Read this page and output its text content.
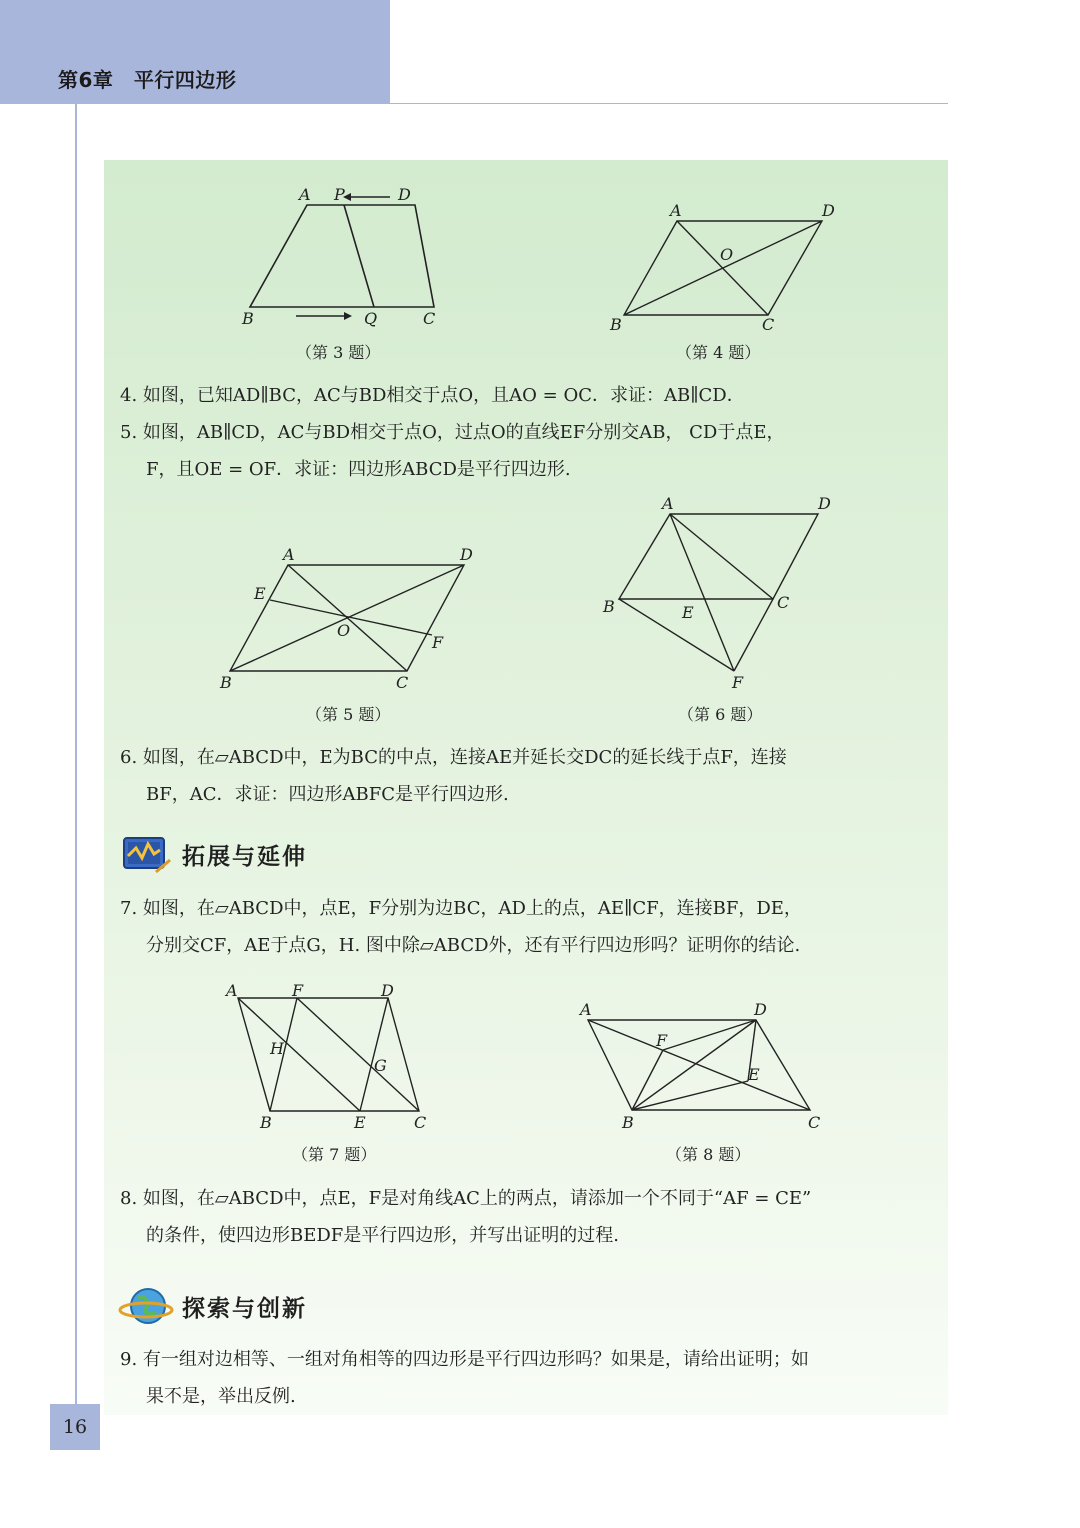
第6章　平行四边形
A P	D
B	Q	C
（第 3 题）
A	D
O
B	C
（第 4 题）
4. 如图，已知AD∥BC，AC与BD相交于点O，且AO = OC．求证：AB∥CD．
5. 如图，AB∥CD，AC与BD相交于点O，过点O的直线EF分别交AB， CD于点E，
F，且OE = OF．求证：四边形ABCD是平行四边形.
A	D
E
O
F
B	C
（第 5 题）
A	D
B	E
C
F
（第 6 题）
6. 如图，在▱ABCD中，E为BC的中点，连接AE并延长交DC的延长线于点F，连接
BF，AC．求证：四边形ABFC是平行四边形.
拓展与延伸
7. 如图，在▱ABCD中，点E，F分别为边BC，AD上的点，AE∥CF，连接BF，DE，
分别交CF，AE于点G，H. 图中除▱ABCD外，还有平行四边形吗？证明你的结论.
A	F	D
H
G
B	E	C
（第 7 题）
A	D
F
E
B	C
（第 8 题）
8. 如图，在▱ABCD中，点E，F是对角线AC上的两点，请添加一个不同于“AF = CE”
的条件，使四边形BEDF是平行四边形，并写出证明的过程.
探索与创新
9. 有一组对边相等、一组对角相等的四边形是平行四边形吗？如果是，请给出证明；如
果不是，举出反例.
16
